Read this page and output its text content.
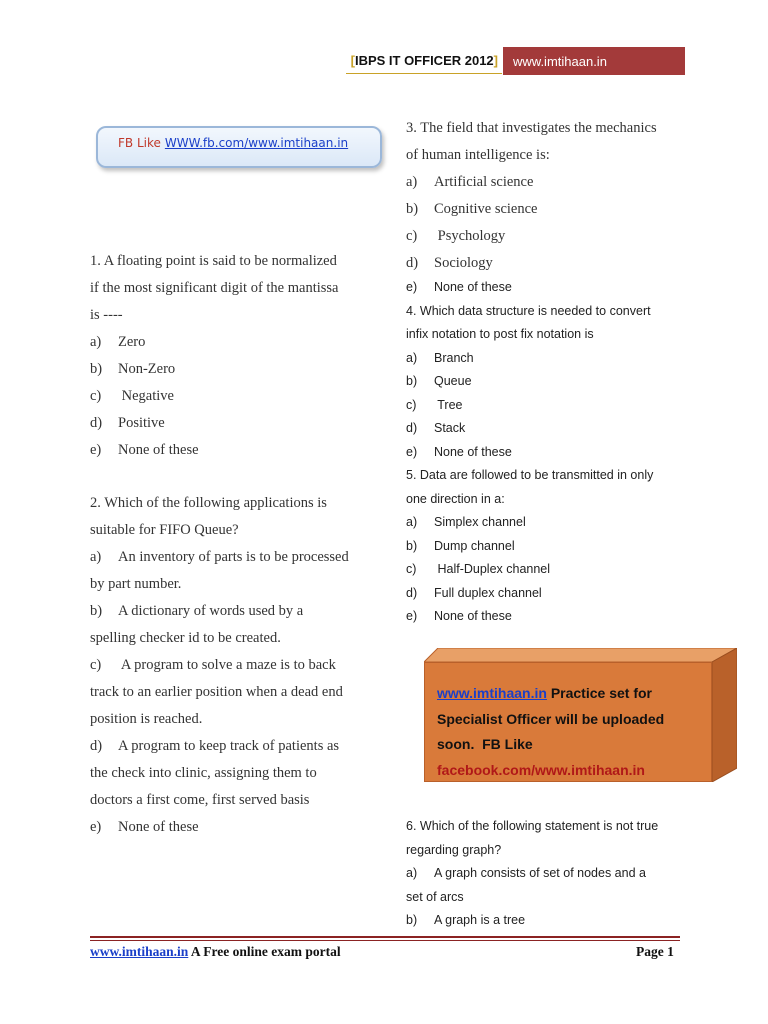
[ IBPS IT OFFICER 2012 ]	www.imtihaan.in
FB Like WWW.fb.com/www.imtihaan.in
1. A floating point is said to be normalized
if the most significant digit of the mantissa
is ----
a)	Zero
b)	Non-Zero
c)	Negative
d)	Positive
e)	None of these
2. Which of the following applications is
suitable for FIFO Queue?
a)	An inventory of parts is to be processed
by part number.
b)	A dictionary of words used by a
spelling checker id to be created.
c)	A program to solve a maze is to back
track to an earlier position when a dead end
position is reached.
d)	A program to keep track of patients as
the check into clinic, assigning them to
doctors a first come, first served basis
e)	None of these
3. The field that investigates the mechanics
of human intelligence is:
a)	Artificial science
b)	Cognitive science
c)	Psychology
d)	Sociology
e)	None of these
4. Which data structure is needed to convert
infix notation to post fix notation is
a)	Branch
b)	Queue
c)	Tree
d)	Stack
e)	None of these
5. Data are followed to be transmitted in only
one direction in a:
a)	Simplex channel
b)	Dump channel
c)	Half-Duplex channel
d)	Full duplex channel
e)	None of these
www.imtihaan.in Practice set for
Specialist Officer will be uploaded
soon.  FB Like
facebook.com/www.imtihaan.in
6. Which of the following statement is not true
regarding graph?
a)	A graph consists of set of nodes and a
set of arcs
b)	A graph is a tree
www.imtihaan.in A Free online exam portal	Page 1
